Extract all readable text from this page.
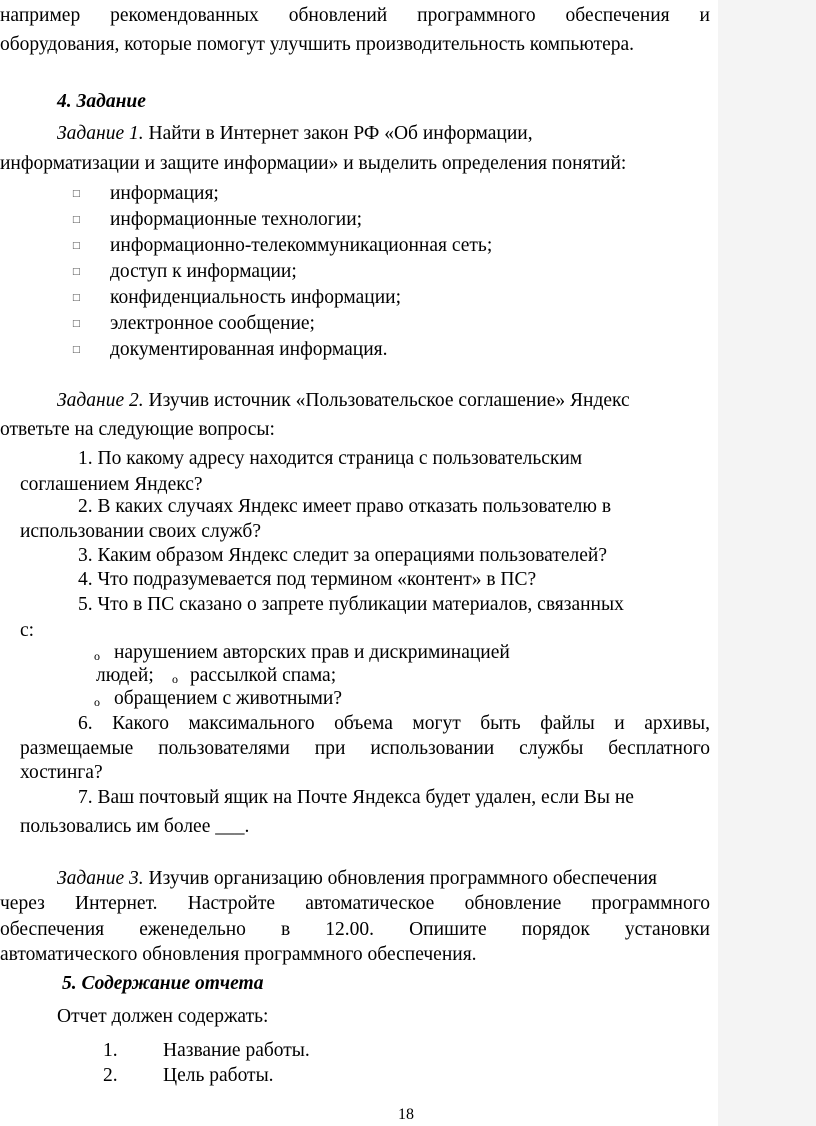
например рекомендованных обновлений программного обеспечения и
оборудования, которые помогут улучшить производительность компьютера.
4. Задание
Задание 1. Найти в Интернет закон РФ «Об информации,
информатизации и защите информации» и выделить определения понятий:
□ информация;
□ информационные технологии;
□ информационно-телекоммуникационная сеть;
□ доступ к информации;
□ конфиденциальность информации;
□ электронное сообщение;
□ документированная информация.
Задание 2. Изучив источник «Пользовательское соглашение» Яндекс
ответьте на следующие вопросы:
1. По какому адресу находится страница с пользовательским
соглашением Яндекс?
2. В каких случаях Яндекс имеет право отказать пользователю в
использовании своих служб?
3. Каким образом Яндекс следит за операциями пользователей?
4. Что подразумевается под термином «контент» в ПС?
5. Что в ПС сказано о запрете публикации материалов, связанных
с:
o нарушением авторских прав и дискриминацией
людей; o рассылкой спама;
o обращением с животными?
6. Какого максимального объема могут быть файлы и архивы,
размещаемые пользователями при использовании службы бесплатного
хостинга?
7. Ваш почтовый ящик на Почте Яндекса будет удален, если Вы не
пользовались им более ___.
Задание 3. Изучив организацию обновления программного обеспечения
через Интернет. Настройте автоматическое обновление программного
обеспечения еженедельно в 12.00. Опишите порядок установки
автоматического обновления программного обеспечения.
5. Содержание отчета
Отчет должен содержать:
1. Название работы.
2. Цель работы.
18
